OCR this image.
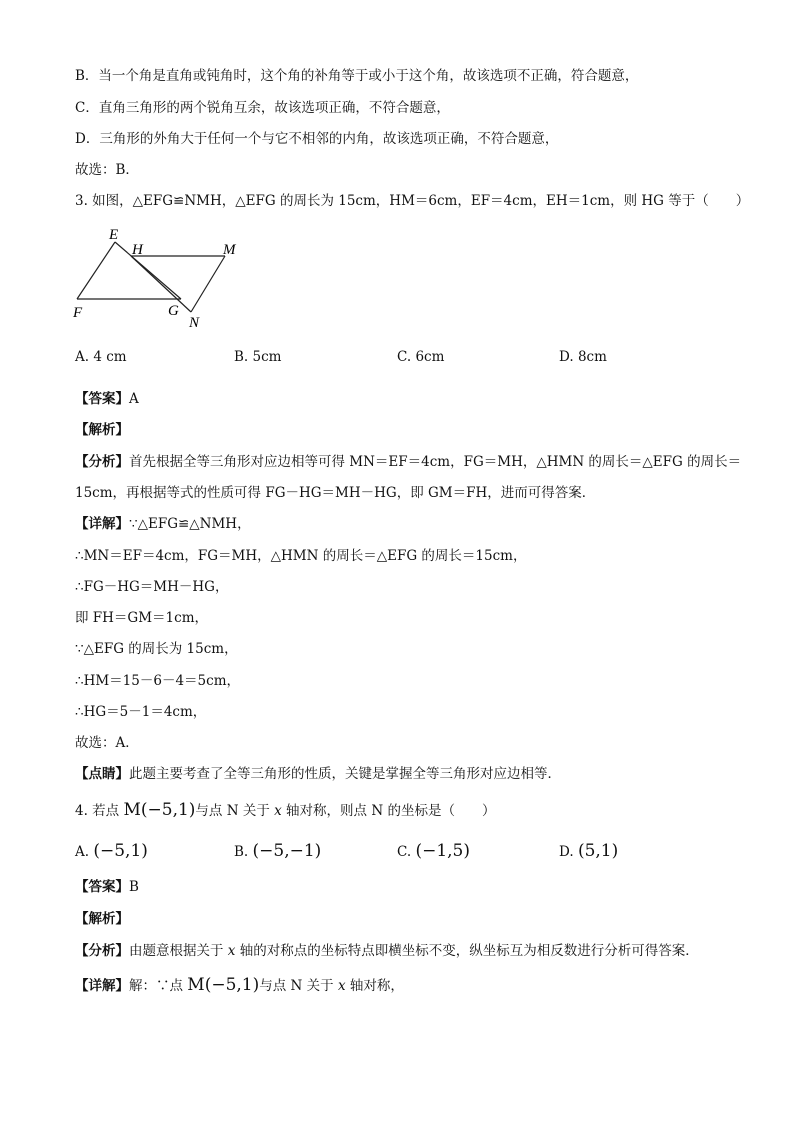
B．当一个角是直角或钝角时，这个角的补角等于或小于这个角，故该选项不正确，符合题意，
C．直角三角形的两个锐角互余，故该选项正确，不符合题意，
D．三角形的外角大于任何一个与它不相邻的内角，故该选项正确，不符合题意，
故选：B．
3. 如图，△EFG≌NMH，△EFG 的周长为 15cm，HM＝6cm，EF＝4cm，EH＝1cm，则 HG 等于（　　）
E
H	M
F	G
N
A. 4 cm	B. 5cm	C. 6cm	D. 8cm
【答案】A
【解析】
【分析】首先根据全等三角形对应边相等可得 MN＝EF＝4cm，FG＝MH，△HMN 的周长＝△EFG 的周长＝
15cm，再根据等式的性质可得 FG－HG＝MH－HG，即 GM＝FH，进而可得答案．
【详解】∵△EFG≌△NMH，
∴MN＝EF＝4cm，FG＝MH，△HMN 的周长＝△EFG 的周长＝15cm，
∴FG－HG＝MH－HG，
即 FH＝GM＝1cm，
∵△EFG 的周长为 15cm，
∴HM＝15－6－4＝5cm，
∴HG＝5－1＝4cm，
故选：A．
【点睛】此题主要考查了全等三角形的性质，关键是掌握全等三角形对应边相等．
4. 若点 M(−5,1)与点 N 关于 x 轴对称，则点 N 的坐标是（　　）
A. (−5,1)	B. (−5,−1)	C. (−1,5)	D. (5,1)
【答案】B
【解析】
【分析】由题意根据关于 x 轴的对称点的坐标特点即横坐标不变，纵坐标互为相反数进行分析可得答案．
【详解】解：∵点 M(−5,1)与点 N 关于 x 轴对称，
